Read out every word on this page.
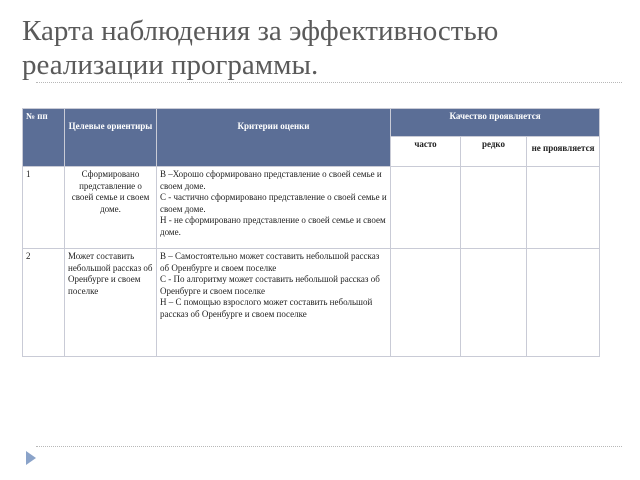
Карта наблюдения за эффективностью
реализации программы.
№ пп	Целевые ориентиры	Критерии оценки	Качество проявляется		
			часто	редко	не проявляется
1	Сформировано представление о своей семье и своем доме.	В –Хорошо сформировано представление о своей семье и своем доме.
С - частично сформировано представление о своей семье и своем доме.
Н - не сформировано представление о своей семье и своем доме.			

2	Может составить небольшой рассказ об Оренбурге и своем поселке	В – Самостоятельно может составить небольшой рассказ
об Оренбурге и своем поселке
С - По алгоритму может составить небольшой рассказ об Оренбурге и своем поселке
Н – С помощью взрослого может составить небольшой рассказ об Оренбурге и своем поселке			
